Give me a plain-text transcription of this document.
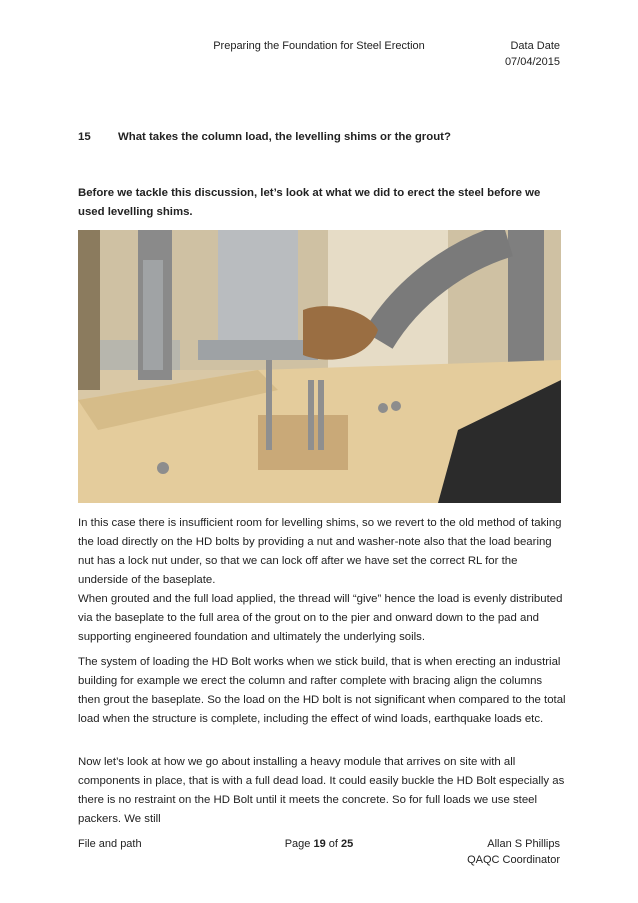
Preparing the Foundation for Steel Erection	Data Date
07/04/2015
15 What takes the column load, the levelling shims or the grout?
Before we tackle this discussion, let’s look at what we did to erect the steel before we used levelling shims.
In this case there is insufficient room for levelling shims, so we revert to the old method of taking the load directly on the HD bolts by providing a nut and washer-note also that the load bearing nut has a lock nut under, so that we can lock off after we have set the correct RL for the underside of the baseplate.
When grouted and the full load applied, the thread will “give” hence the load is evenly distributed via the baseplate to the full area of the grout on to the pier and onward down to the pad and supporting engineered foundation and ultimately the underlying soils.
The system of loading the HD Bolt works when we stick build, that is when erecting an industrial building for example we erect the column and rafter complete with bracing align the columns then grout the baseplate. So the load on the HD bolt is not significant when compared to the total load when the structure is complete, including the effect of wind loads, earthquake loads etc.
Now let’s look at how we go about installing a heavy module that arrives on site with all components in place, that is with a full dead load. It could easily buckle the HD Bolt especially as there is no restraint on the HD Bolt until it meets the concrete. So for full loads we use steel packers. We still
File and path	Page 19 of 25	Allan S Phillips
QAQC Coordinator
